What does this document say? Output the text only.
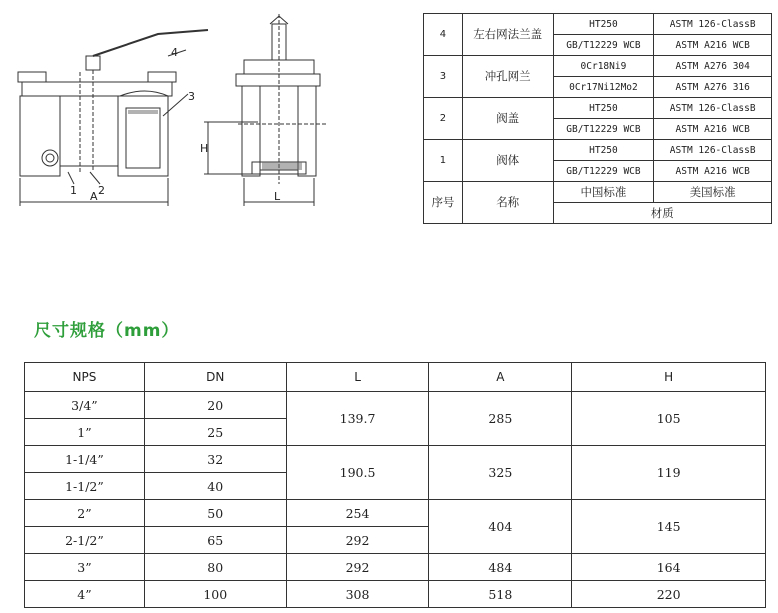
A	L
H
1 2
3
4
4	左右网法兰盖	HT250	ASTM 126-ClassB
		GB/T12229 WCB	ASTM A216 WCB
3	冲孔网兰	0Cr18Ni9	ASTM A276 304
		0Cr17Ni12Mo2	ASTM A276 316
2	阀盖	HT250	ASTM 126-ClassB
		GB/T12229 WCB	ASTM A216 WCB
1	阀体	HT250	ASTM 126-ClassB
		GB/T12229 WCB	ASTM A216 WCB
序号	名称	中国标准	美国标准
		材质	
尺寸规格（mm）
NPS	DN	L	A	H
3/4”	20	139.7	285	105
1”	25			
1-1/4”	32	190.5	325	119
1-1/2”	40			
2”	50	254	404	145
2-1/2”	65	292		
3”	80	292	484	164
4”	100	308	518	220
